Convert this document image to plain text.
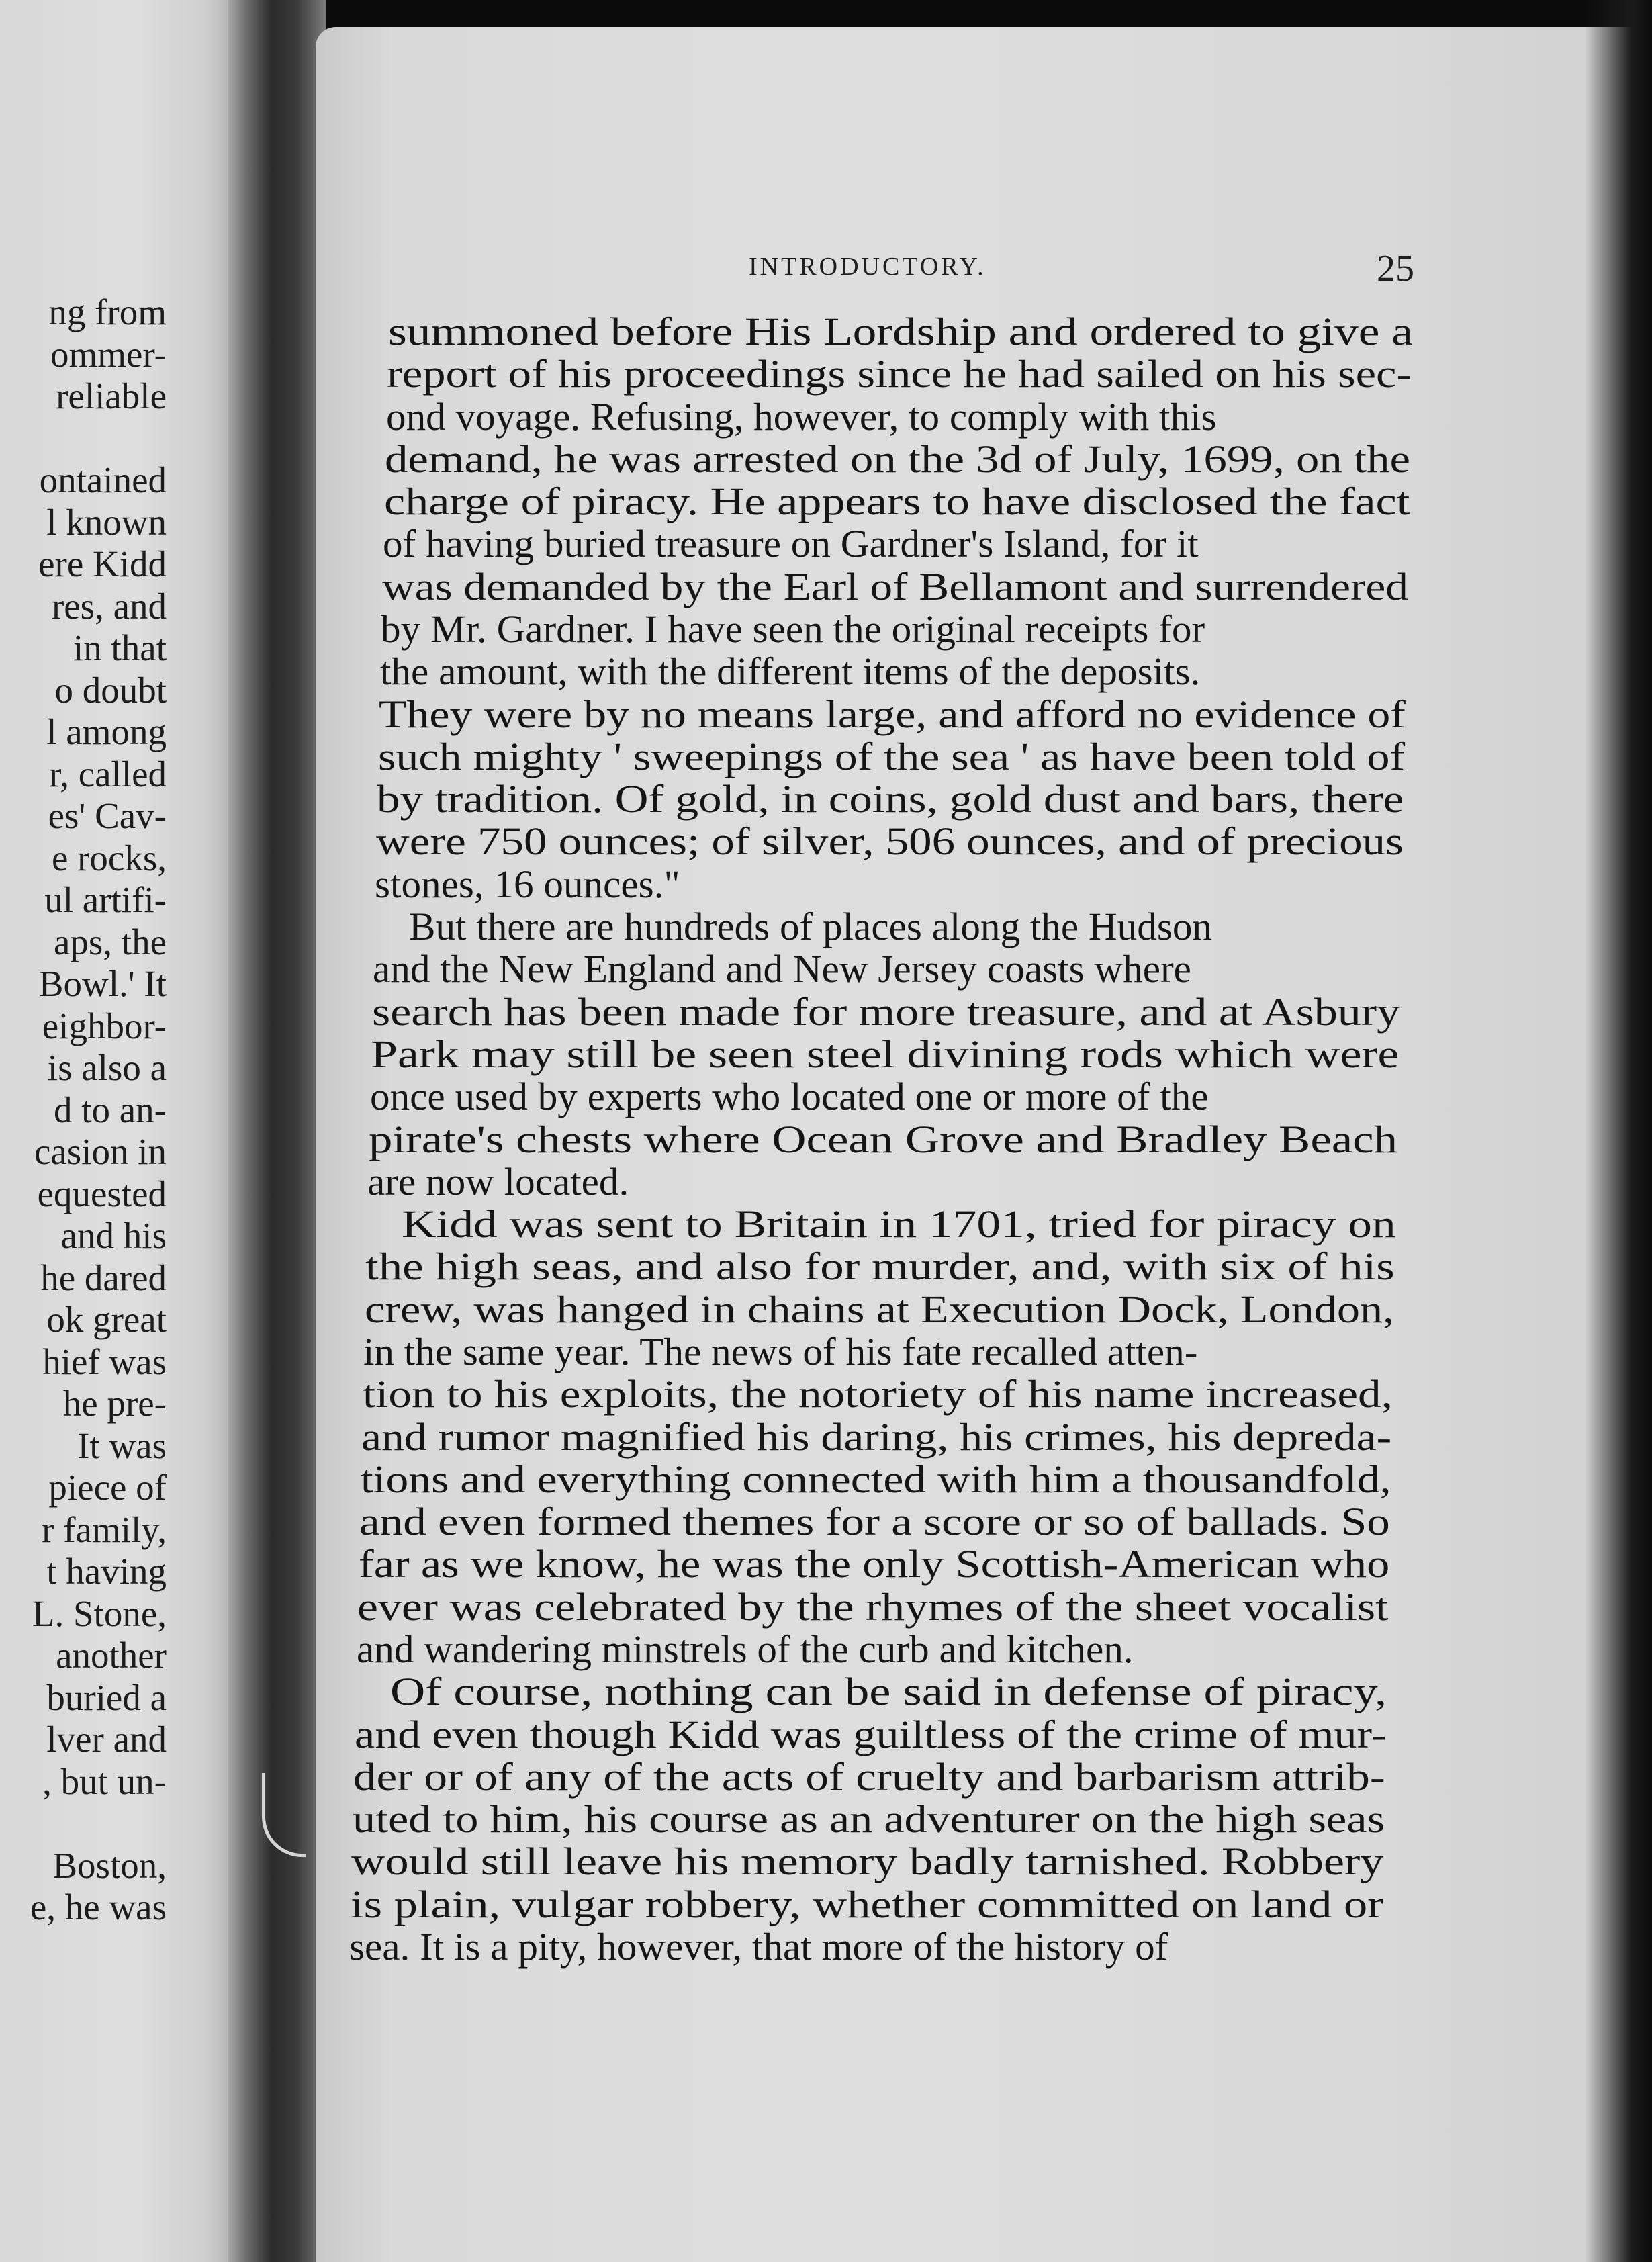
ng from
ommer-
reliable
ontained
l known
ere Kidd
res, and
in that
o doubt
l among
r, called
es' Cav-
e rocks,
ul artifi-
aps, the
Bowl.' It
eighbor-
is also a
d to an-
casion in
equested
and his
he dared
ok great
hief was
he pre-
It was
piece of
r family,
t having
L. Stone,
another
buried a
lver and
, but un-
Boston,
e, he was
INTRODUCTORY.	25
summoned before His Lordship and ordered to give a
report of his proceedings since he had sailed on his sec-
ond voyage. Refusing, however, to comply with this
demand, he was arrested on the 3d of July, 1699, on the
charge of piracy. He appears to have disclosed the fact
of having buried treasure on Gardner's Island, for it
was demanded by the Earl of Bellamont and surrendered
by Mr. Gardner. I have seen the original receipts for
the amount, with the different items of the deposits.
They were by no means large, and afford no evidence of
such mighty ' sweepings of the sea ' as have been told of
by tradition. Of gold, in coins, gold dust and bars, there
were 750 ounces; of silver, 506 ounces, and of precious
stones, 16 ounces."
But there are hundreds of places along the Hudson
and the New England and New Jersey coasts where
search has been made for more treasure, and at Asbury
Park may still be seen steel divining rods which were
once used by experts who located one or more of the
pirate's chests where Ocean Grove and Bradley Beach
are now located.
Kidd was sent to Britain in 1701, tried for piracy on
the high seas, and also for murder, and, with six of his
crew, was hanged in chains at Execution Dock, London,
in the same year. The news of his fate recalled atten-
tion to his exploits, the notoriety of his name increased,
and rumor magnified his daring, his crimes, his depreda-
tions and everything connected with him a thousandfold,
and even formed themes for a score or so of ballads. So
far as we know, he was the only Scottish-American who
ever was celebrated by the rhymes of the sheet vocalist
and wandering minstrels of the curb and kitchen.
Of course, nothing can be said in defense of piracy,
and even though Kidd was guiltless of the crime of mur-
der or of any of the acts of cruelty and barbarism attrib-
uted to him, his course as an adventurer on the high seas
would still leave his memory badly tarnished. Robbery
is plain, vulgar robbery, whether committed on land or
sea. It is a pity, however, that more of the history of
